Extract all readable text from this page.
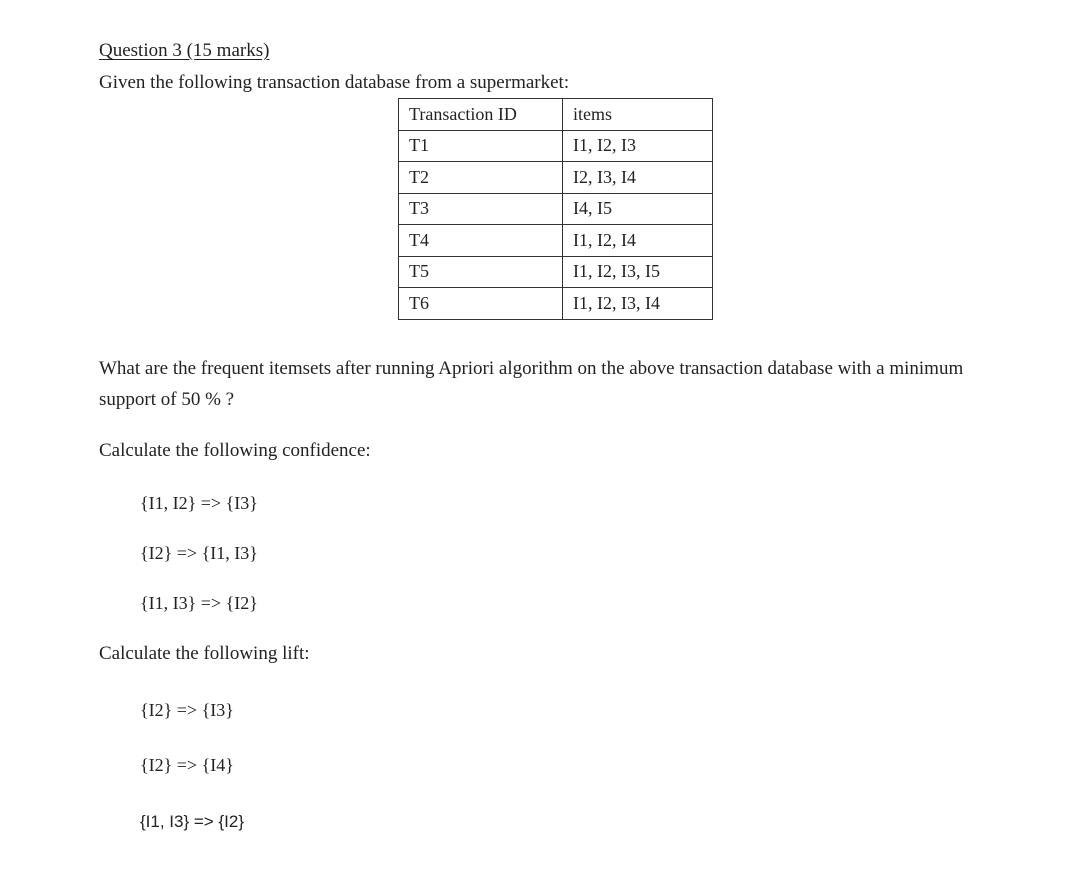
Question 3 (15 marks)
Given the following transaction database from a supermarket:
Transaction ID	items
T1	I1, I2, I3
T2	I2, I3, I4
T3	I4, I5
T4	I1, I2, I4
T5	I1, I2, I3, I5
T6	I1, I2, I3, I4
What are the frequent itemsets after running Apriori algorithm on the above transaction database with a minimum support of 50 % ?
Calculate the following confidence:
{I1, I2} => {I3}
{I2} => {I1, I3}
{I1, I3} => {I2}
Calculate the following lift:
{I2} => {I3}
{I2} => {I4}
{I1, I3} => {I2}
